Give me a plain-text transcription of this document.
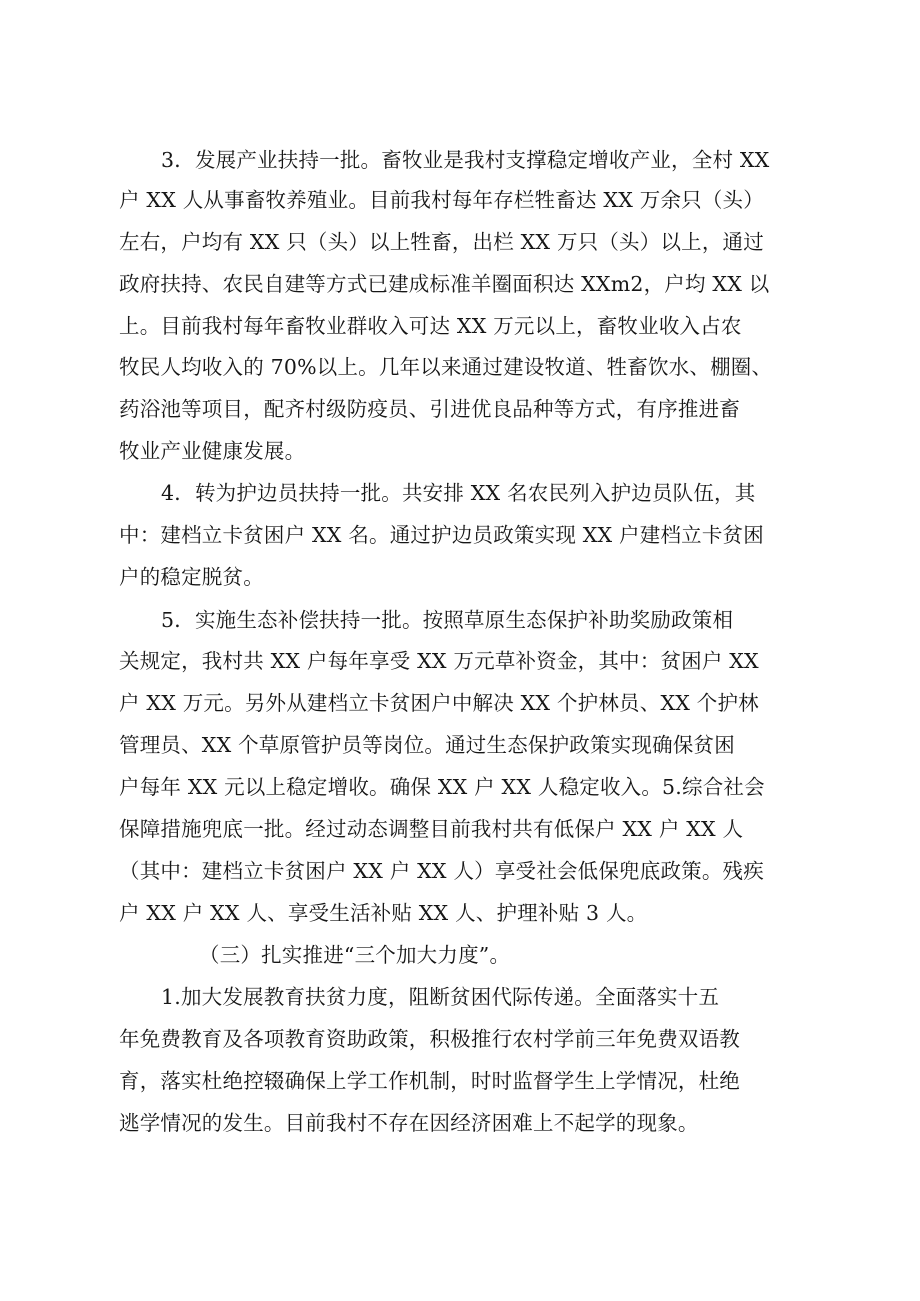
3．发展产业扶持一批。畜牧业是我村支撑稳定增收产业，全村 XX
户 XX 人从事畜牧养殖业。目前我村每年存栏牲畜达 XX 万余只（头）
左右，户均有 XX 只（头）以上牲畜，出栏 XX 万只（头）以上，通过
政府扶持、农民自建等方式已建成标准羊圈面积达 XXm2，户均 XX 以
上。目前我村每年畜牧业群收入可达 XX 万元以上，畜牧业收入占农
牧民人均收入的 70%以上。几年以来通过建设牧道、牲畜饮水、棚圈、
药浴池等项目，配齐村级防疫员、引进优良品种等方式，有序推进畜
牧业产业健康发展。
4．转为护边员扶持一批。共安排 XX 名农民列入护边员队伍，其
中：建档立卡贫困户 XX 名。通过护边员政策实现 XX 户建档立卡贫困
户的稳定脱贫。
5．实施生态补偿扶持一批。按照草原生态保护补助奖励政策相
关规定，我村共 XX 户每年享受 XX 万元草补资金，其中：贫困户 XX
户 XX 万元。另外从建档立卡贫困户中解决 XX 个护林员、XX 个护林
管理员、XX 个草原管护员等岗位。通过生态保护政策实现确保贫困
户每年 XX 元以上稳定增收。确保 XX 户 XX 人稳定收入。5.综合社会
保障措施兜底一批。经过动态调整目前我村共有低保户 XX 户 XX 人
（其中：建档立卡贫困户 XX 户 XX 人）享受社会低保兜底政策。残疾
户 XX 户 XX 人、享受生活补贴 XX 人、护理补贴 3 人。
（三）扎实推进“三个加大力度”。
1.加大发展教育扶贫力度，阻断贫困代际传递。全面落实十五
年免费教育及各项教育资助政策，积极推行农村学前三年免费双语教
育，落实杜绝控辍确保上学工作机制，时时监督学生上学情况，杜绝
逃学情况的发生。目前我村不存在因经济困难上不起学的现象。
